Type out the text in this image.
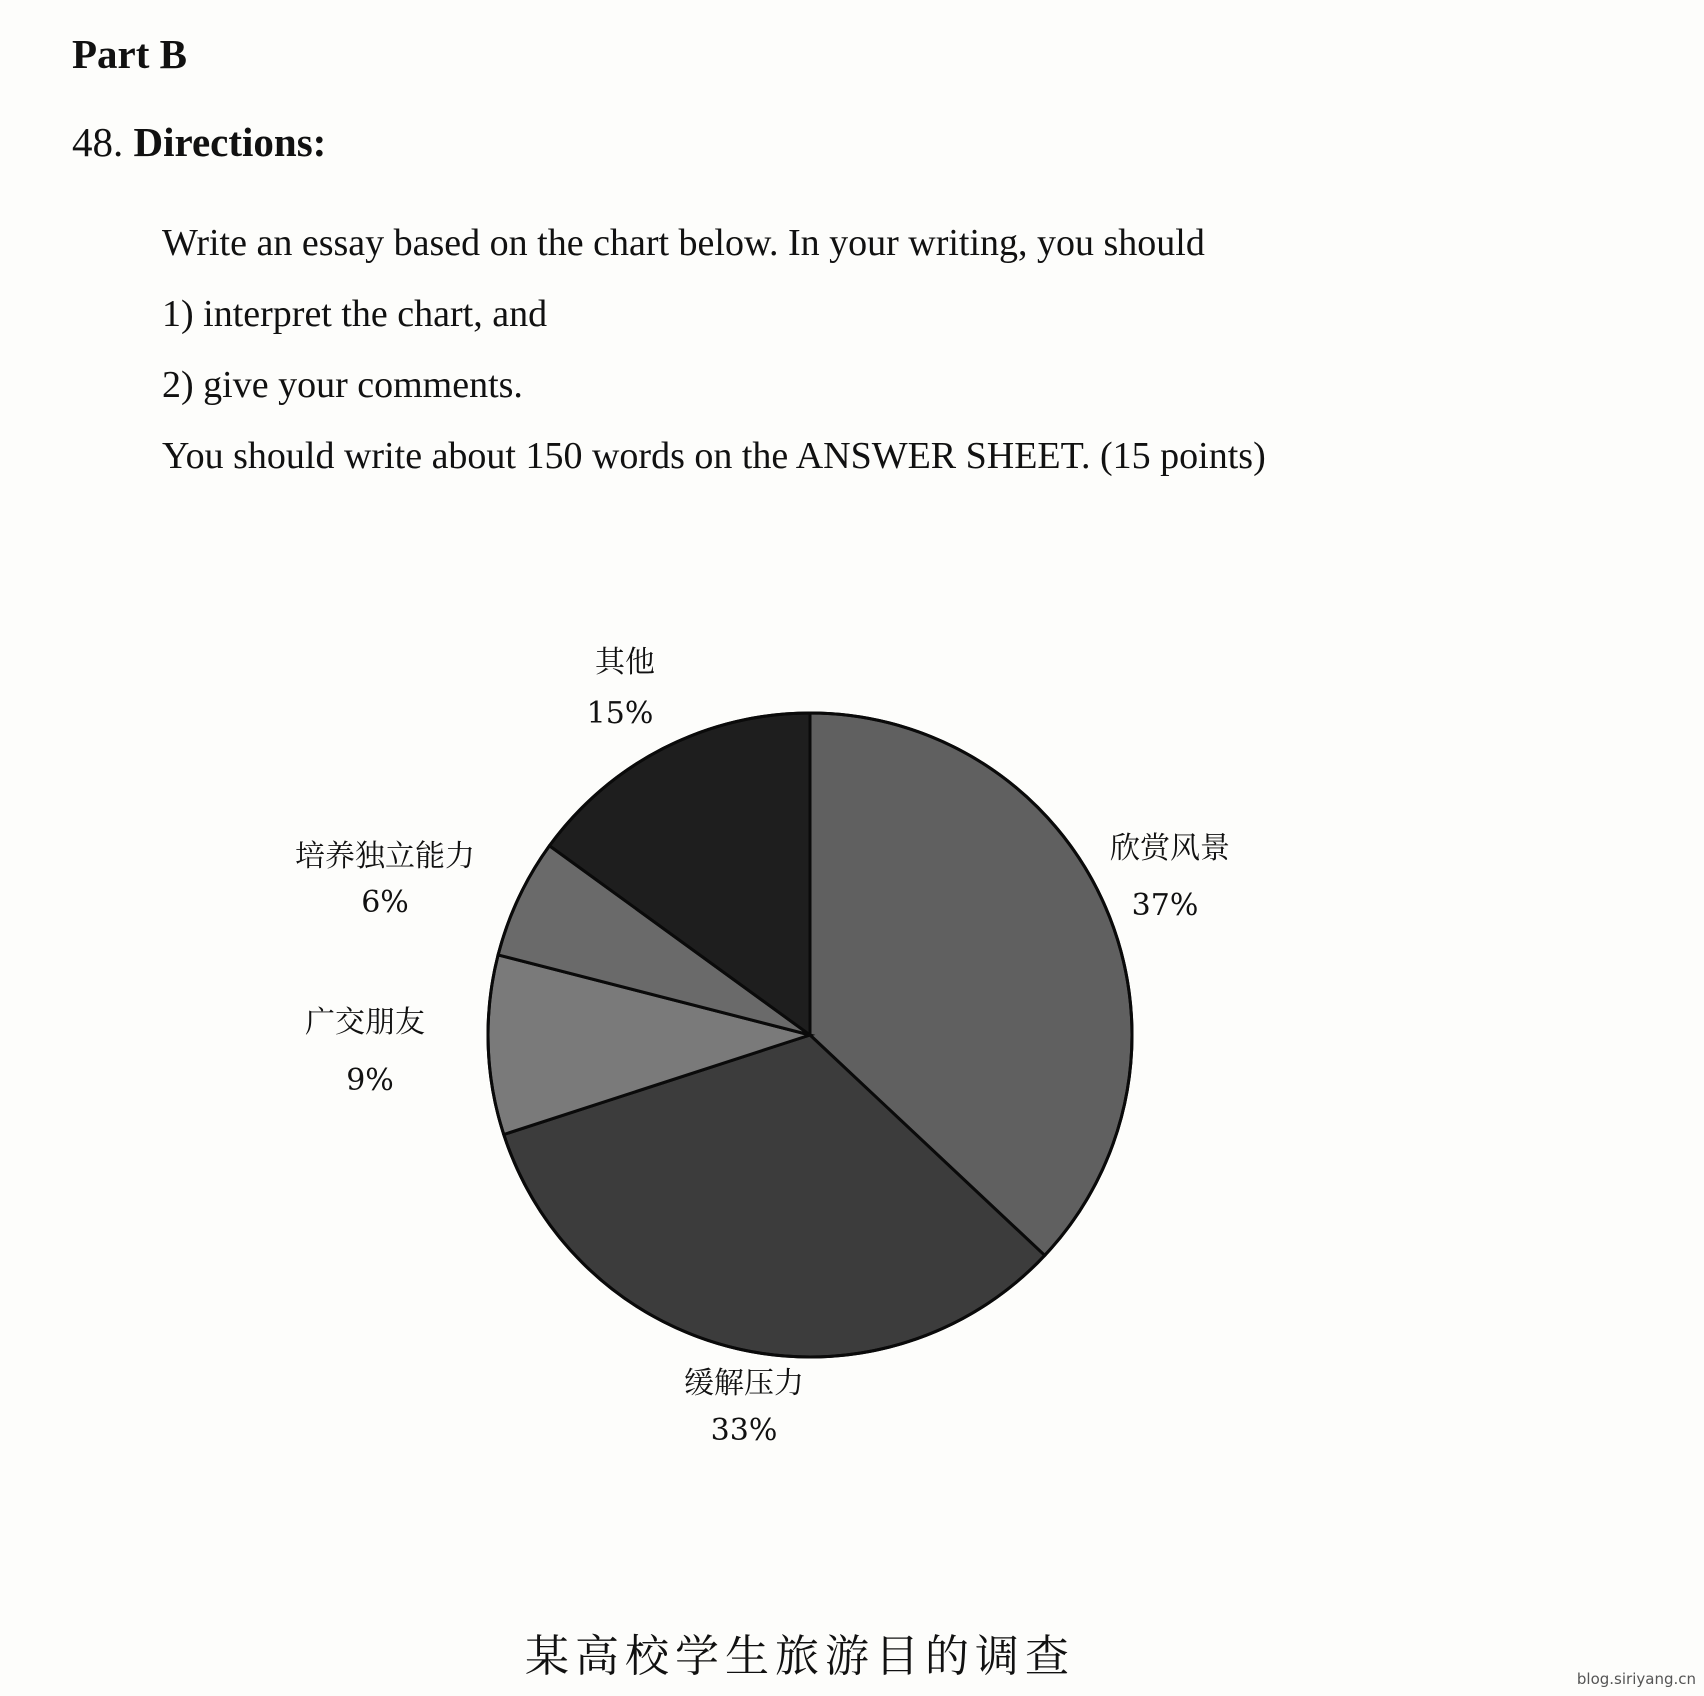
Part B
48. Directions:
Write an essay based on the chart below. In your writing, you should
1) interpret the chart, and
2) give your comments.
You should write about 150 words on the ANSWER SHEET. (15 points)
欣赏风景
37%
缓解压力
33%
广交朋友
9%
培养独立能力
6%
其他
15%
某高校学生旅游目的调查	blog.siriyang.cn
